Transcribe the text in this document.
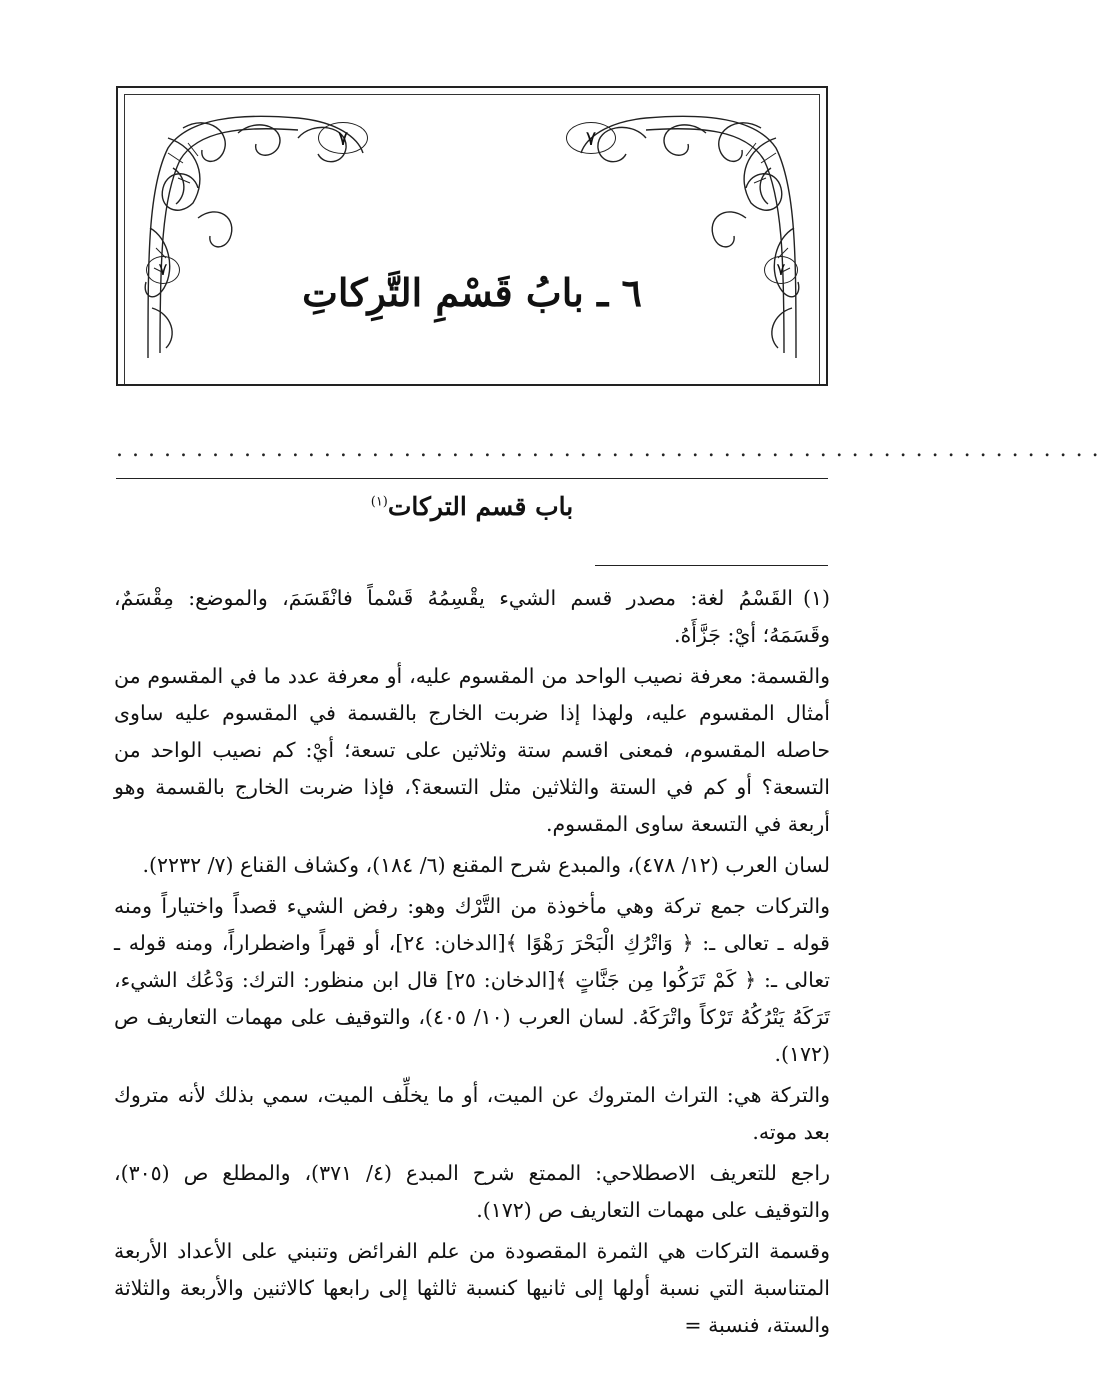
٧	٧
٧	٧
٦ ـ بابُ قَسْمِ التَّرِكاتِ
..............................................................
باب قسم التركات$^{(١)}$

(١)القَسْمُ لغة: مصدر قسم الشيء يقْسِمُهُ قَسْماً فانْقَسَمَ، والموضع: مِقْسَمٌ، وقَسَمَهُ؛ أيْ: جَزَّأَهُ.

والقسمة: معرفة نصيب الواحد من المقسوم عليه، أو معرفة عدد ما في المقسوم من أمثال المقسوم عليه، ولهذا إذا ضربت الخارج بالقسمة في المقسوم عليه ساوى حاصله المقسوم، فمعنى اقسم ستة وثلاثين على تسعة؛ أيْ: كم نصيب الواحد من التسعة؟ أو كم في الستة والثلاثين مثل التسعة؟، فإذا ضربت الخارج بالقسمة وهو أربعة في التسعة ساوى المقسوم.

لسان العرب (١٢/ ٤٧٨)، والمبدع شرح المقنع (٦/ ١٨٤)، وكشاف القناع (٧/ ٢٢٣٢).

والتركات جمع تركة وهي مأخوذة من التَّرْك وهو: رفض الشيء قصداً واختياراً ومنه قوله ـ تعالى ـ: ﴿ وَاتْرُكِ الْبَحْرَ رَهْوًا ﴾[الدخان: ٢٤]، أو قهراً واضطراراً، ومنه قوله ـ تعالى ـ: ﴿ كَمْ تَرَكُوا مِن جَنَّاتٍ ﴾[الدخان: ٢٥] قال ابن منظور: الترك: وَدْعُك الشيء، تَرَكَهُ يَتْرُكُهُ تَرْكاً واتْرَكَهُ. لسان العرب (١٠/ ٤٠٥)، والتوقيف على مهمات التعاريف ص (١٧٢).

والتركة هي: التراث المتروك عن الميت، أو ما يخلِّف الميت، سمي بذلك لأنه متروك بعد موته.

راجع للتعريف الاصطلاحي: الممتع شرح المبدع (٤/ ٣٧١)، والمطلع ص (٣٠٥)، والتوقيف على مهمات التعاريف ص (١٧٢).

وقسمة التركات هي الثمرة المقصودة من علم الفرائض وتنبني على الأعداد الأربعة المتناسبة التي نسبة أولها إلى ثانيها كنسبة ثالثها إلى رابعها كالاثنين والأربعة والثلاثة والستة، فنسبة =
